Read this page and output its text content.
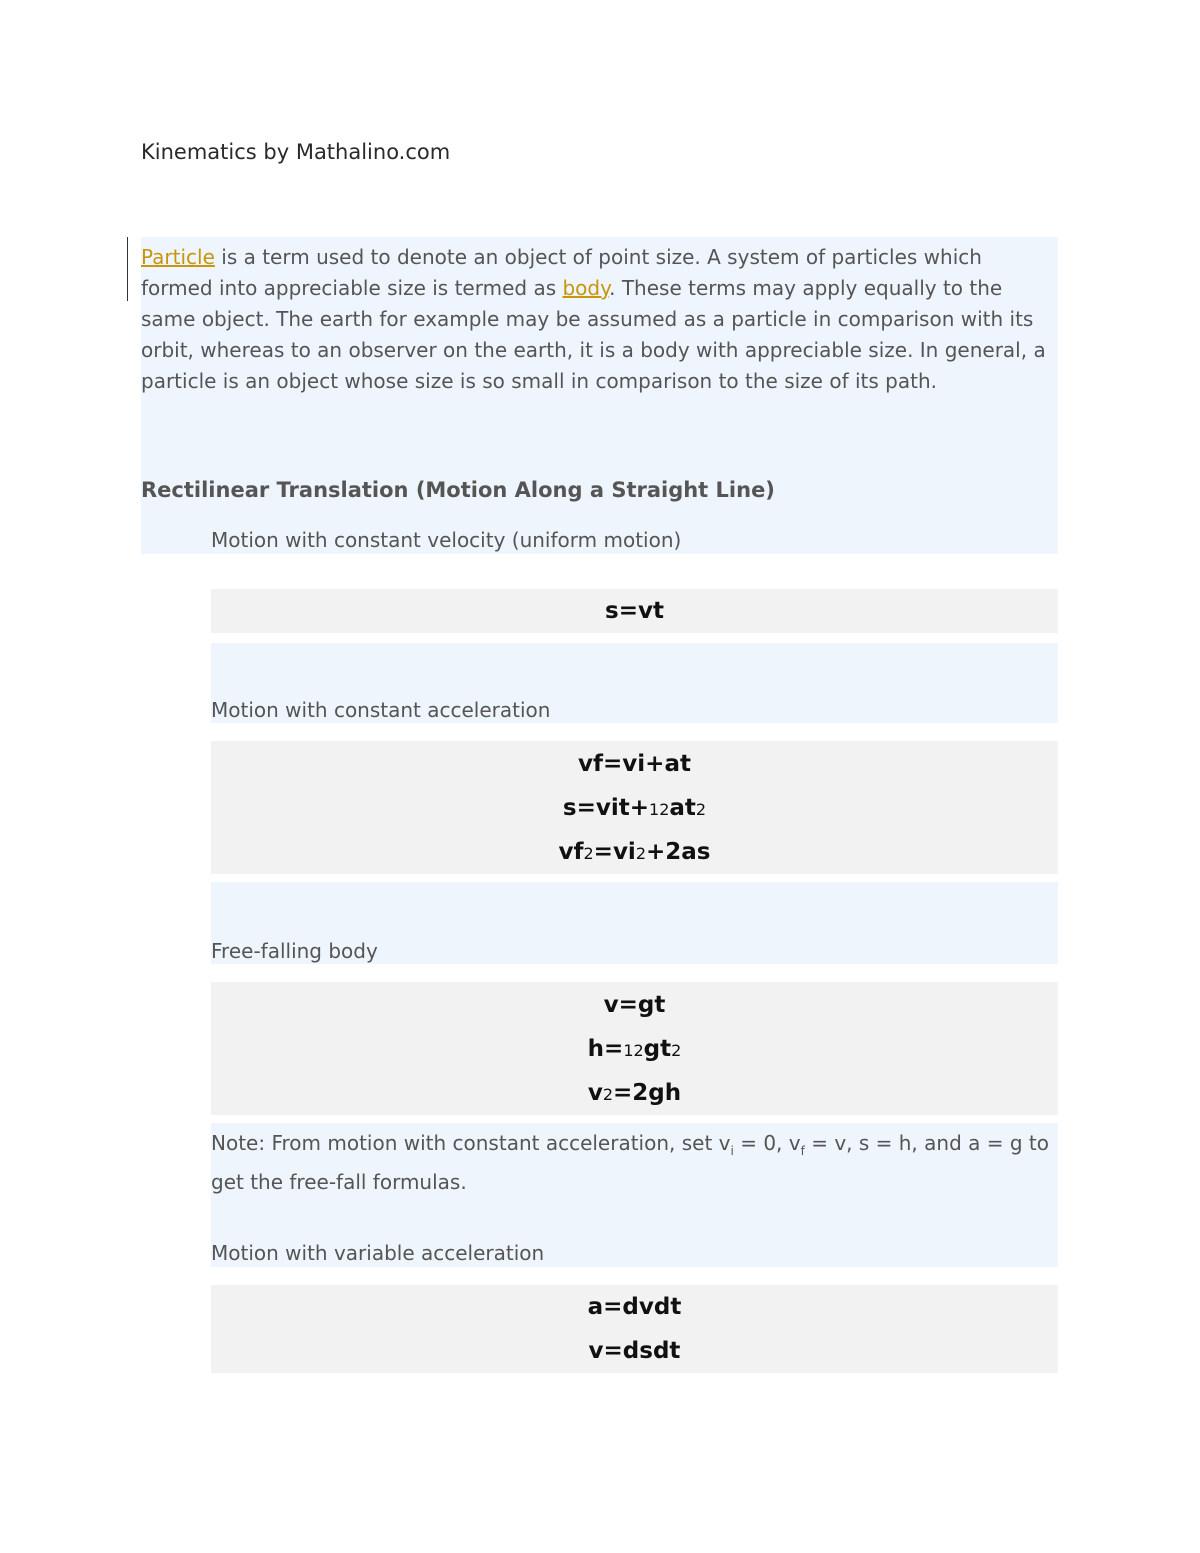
Kinematics by Mathalino.com

Particle is a term used to denote an object of point size. A system of particles which formed into appreciable size is termed as body. These terms may apply equally to the same object. The earth for example may be assumed as a particle in comparison with its orbit, whereas to an observer on the earth, it is a body with appreciable size. In general, a particle is an object whose size is so small in comparison to the size of its path.

Rectilinear Translation (Motion Along a Straight Line)
Motion with constant velocity (uniform motion)
s=vt
Motion with constant acceleration
vf=vi+at
s=vit+12at2
vf2=vi2+2as
Free-falling body
v=gt
h=12gt2
v2=2gh

Note: From motion with constant acceleration, set $v_i = 0$, $v_f = v$, s = h, and a = g to get the free-fall formulas.

Motion with variable acceleration
a=dvdt
v=dsdt
